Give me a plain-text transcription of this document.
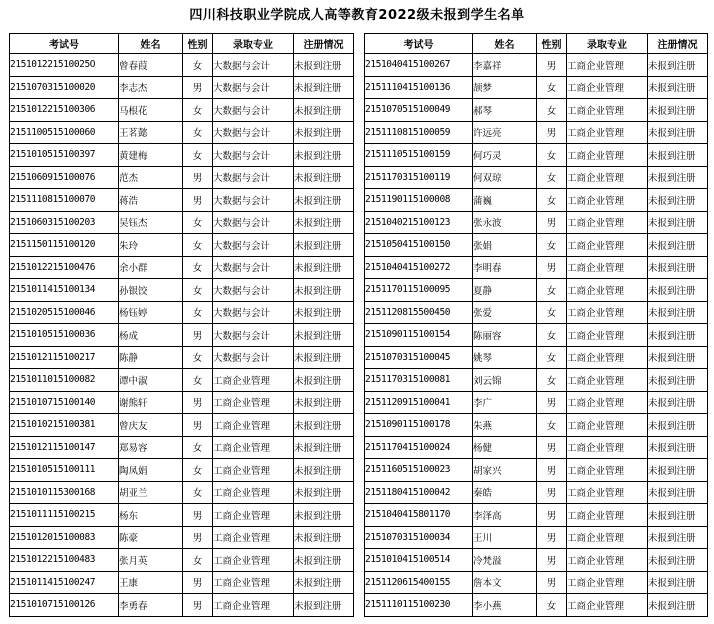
四川科技职业学院成人高等教育2022级未报到学生名单
考试号	姓名	性别	录取专业	注册情况
215101221510025O	曾春葭	女	大数据与会计	未报到注册
2151070315100020	李志杰	男	大数据与会计	未报到注册
2151012215100306	马根花	女	大数据与会计	未报到注册
2151100515100060	王茗懿	女	大数据与会计	未报到注册
2151010515100397	黄建梅	女	大数据与会计	未报到注册
2151060915100076	范杰	男	大数据与会计	未报到注册
2151110815100070	蒋浩	男	大数据与会计	未报到注册
2151060315100203	吴钰杰	女	大数据与会计	未报到注册
2151150115100120	朱玲	女	大数据与会计	未报到注册
2151012215100476	余小群	女	大数据与会计	未报到注册
2151011415100134	孙银饺	女	大数据与会计	未报到注册
2151020515100046	杨钰婷	女	大数据与会计	未报到注册
2151010515100036	杨成	男	大数据与会计	未报到注册
2151012115100217	陈静	女	大数据与会计	未报到注册
2151011015100082	谭中淑	女	工商企业管理	未报到注册
2151010715100140	谢熊轩	男	工商企业管理	未报到注册
2151010215100381	曾庆友	男	工商企业管理	未报到注册
2151012115100147	郑易容	女	工商企业管理	未报到注册
2151010515100111	陶凤娟	女	工商企业管理	未报到注册
2151010115300168	胡亚兰	女	工商企业管理	未报到注册
2151011115100215	杨东	男	工商企业管理	未报到注册
2151012015100083	陈豪	男	工商企业管理	未报到注册
2151012215100483	张月英	女	工商企业管理	未报到注册
2151011415100247	王康	男	工商企业管理	未报到注册
2151010715100126	李勇春	男	工商企业管理	未报到注册
考试号	姓名	性别	录取专业	注册情况
2151040415100267	李嘉祥	男	工商企业管理	未报到注册
2151110415100136	颉梦	女	工商企业管理	未报到注册
2151070515100049	郝琴	女	工商企业管理	未报到注册
2151110815100059	许远亮	男	工商企业管理	未报到注册
2151110515100159	何巧灵	女	工商企业管理	未报到注册
2151170315100119	何双琼	女	工商企业管理	未报到注册
2151190115100008	蒲巍	女	工商企业管理	未报到注册
2151040215100123	张永波	男	工商企业管理	未报到注册
2151050415100150	张娟	女	工商企业管理	未报到注册
2151040415100272	李明春	男	工商企业管理	未报到注册
2151170115100095	夏静	女	工商企业管理	未报到注册
2151120815500450	张爱	女	工商企业管理	未报到注册
2151090115100154	陈丽容	女	工商企业管理	未报到注册
2151070315100045	姚琴	女	工商企业管理	未报到注册
2151170315100081	刘云锦	女	工商企业管理	未报到注册
2151120915100041	李广	男	工商企业管理	未报到注册
2151090115100178	朱燕	女	工商企业管理	未报到注册
2151170415100024	杨健	男	工商企业管理	未报到注册
2151160515100023	胡家兴	男	工商企业管理	未报到注册
2151180415100042	秦皓	男	工商企业管理	未报到注册
2151040415801170	李泽高	男	工商企业管理	未报到注册
2151070315100034	王川	男	工商企业管理	未报到注册
2151010415100514	冷梵溢	男	工商企业管理	未报到注册
2151120615400155	詹本文	男	工商企业管理	未报到注册
2151110115100230	李小燕	女	工商企业管理	未报到注册
